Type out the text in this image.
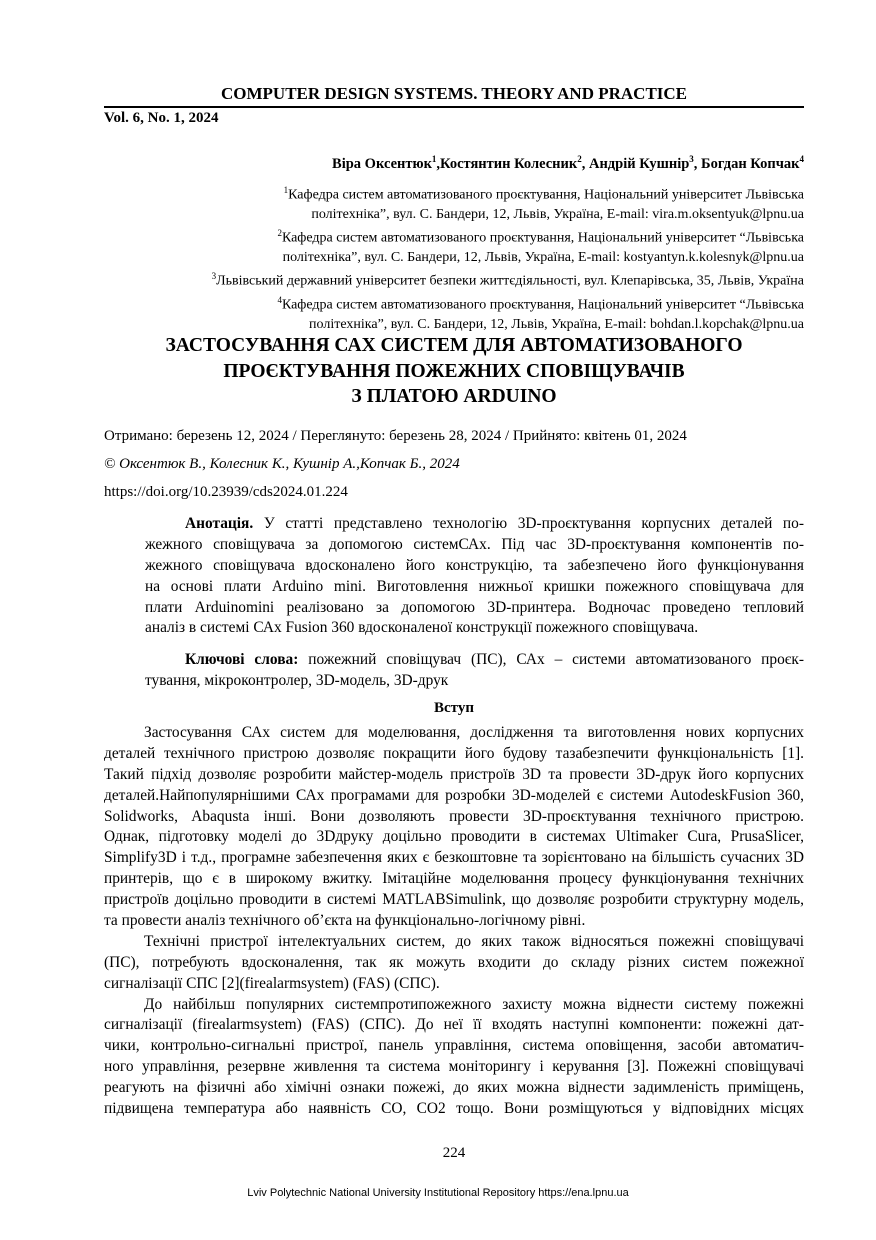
COMPUTER DESIGN SYSTEMS. THEORY AND PRACTICE
Vol. 6, No. 1, 2024
Віра Оксентюк$^1$,Костянтин Колесник$^2$, Андрій Кушнір$^3$, Богдан Копчак$^4$
$^1$Кафедра систем автоматизованого проєктування, Національний університет Львівська
політехніка”, вул. С. Бандери, 12, Львів, Україна, E-mail: vira.m.oksentyuk@lpnu.ua
$^2$Кафедра систем автоматизованого проєктування, Національний університет “Львівська
політехніка”, вул. С. Бандери, 12, Львів, Україна, E-mail: kostyantyn.k.kolesnyk@lpnu.ua
$^3$Львівський державний університет безпеки життєдіяльності, вул. Клепарівська, 35, Львів, Україна
$^4$Кафедра систем автоматизованого проєктування, Національний університет “Львівська
політехніка”, вул. С. Бандери, 12, Львів, Україна, E-mail: bohdan.l.kopchak@lpnu.ua
ЗАСТОСУВАННЯ САХ СИСТЕМ ДЛЯ АВТОМАТИЗОВАНОГО
ПРОЄКТУВАННЯ ПОЖЕЖНИХ СПОВІЩУВАЧІВ
З ПЛАТОЮ ARDUINO
Отримано: березень 12, 2024 / Переглянуто: березень 28, 2024 / Прийнято: квітень 01, 2024
© Оксентюк В., Колесник К., Кушнір А.,Копчак Б., 2024
https://doi.org/10.23939/cds2024.01.224
Анотація. У статті представлено технологію 3D-проєктування корпусних деталей по-
жежного сповіщувача за допомогою системСАх. Під час 3D-проєктування компонентів по-
жежного сповіщувача вдосконалено його конструкцію, та забезпечено його функціонування
на основі плати Arduino mini. Виготовлення нижньої кришки пожежного сповіщувача для
плати Arduinomini реалізовано за допомогою 3D-принтера. Водночас проведено тепловий
аналіз в системі САх Fusion 360 вдосконаленої конструкції пожежного сповіщувача.
Ключові слова: пожежний сповіщувач (ПС), САх – системи автоматизованого проєк-
тування, мікроконтролер, 3D-модель, 3D-друк
Вступ
Застосування САх систем для моделювання, дослідження та виготовлення нових корпусних
деталей технічного пристрою дозволяє покращити його будову тазабезпечити функціональність [1].
Такий підхід дозволяє розробити майстер-модель пристроїв 3D та провести 3D-друк його корпусних
деталей.Найпопулярнішими САх програмами для розробки 3D-моделей є системи AutodeskFusion 360,
Solidworks, Abaqusta інші. Вони дозволяють провести 3D-проєктування технічного пристрою.
Однак, підготовку моделі до 3Dдруку доцільно проводити в системах Ultimaker Cura, PrusaSlicer,
Simplify3D і т.д., програмне забезпечення яких є безкоштовне та зорієнтовано на більшість сучасних 3D
принтерів, що є в широкому вжитку. Імітаційне моделювання процесу функціонування технічних
пристроїв доцільно проводити в системі MATLABSimulink, що дозволяє розробити структурну модель,
та провести аналіз технічного об’єкта на функціонально-логічному рівні.
Технічні пристрої інтелектуальних систем, до яких також відносяться пожежні сповіщувачі
(ПС), потребують вдосконалення, так як можуть входити до складу різних систем пожежної
сигналізації СПС [2](firealarmsystem) (FAS) (СПС).
До найбільш популярних системпротипожежного захисту можна віднести систему пожежні
сигналізації (firealarmsystem) (FAS) (СПС). До неї її входять наступні компоненти: пожежні дат-
чики, контрольно-сигнальні пристрої, панель управління, система оповіщення, засоби автоматич-
ного управління, резервне живлення та система моніторингу і керування [3]. Пожежні сповіщувачі
реагують на фізичні або хімічні ознаки пожежі, до яких можна віднести задимленість приміщень,
підвищена температура або наявність СО, СО2 тощо. Вони розміщуються у відповідних місцях
224
Lviv Polytechnic National University Institutional Repository https://ena.lpnu.ua
